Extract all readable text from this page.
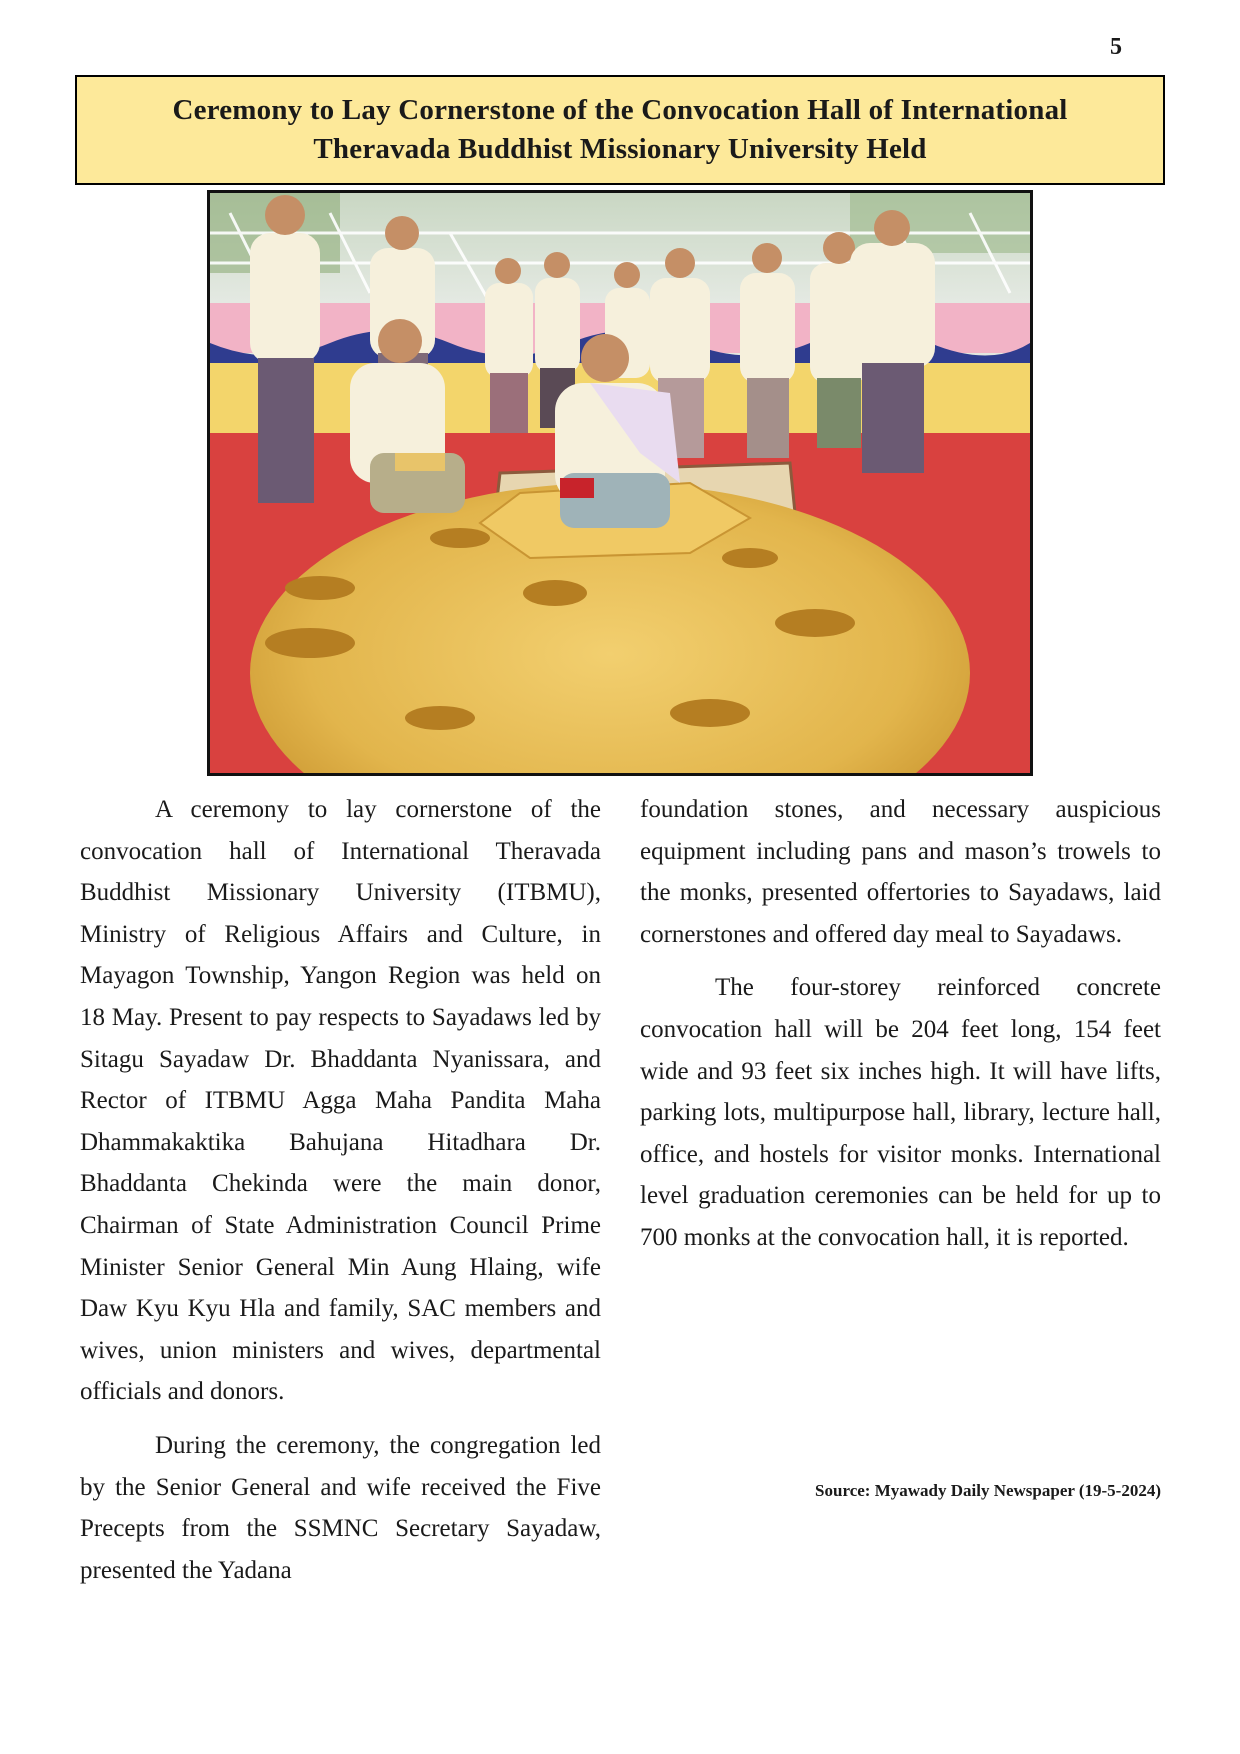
5
Ceremony to Lay Cornerstone of the Convocation Hall of International
Theravada Buddhist Missionary University Held

A ceremony to lay cornerstone of the convocation hall of International Theravada Buddhist Missionary University (ITBMU), Ministry of Religious Affairs and Culture, in Mayagon Township, Yangon Region was held on 18 May. Present to pay respects to Sayadaws led by Sitagu Sayadaw Dr. Bhaddanta Nyanissara, and Rector of ITBMU Agga Maha Pandita Maha Dhammakaktika Bahujana Hitadhara Dr. Bhaddanta Chekinda were the main donor, Chairman of State Administration Council Prime Minister Senior General Min Aung Hlaing, wife Daw Kyu Kyu Hla and family, SAC members and wives, union ministers and wives, departmental officials and donors.

During the ceremony, the congregation led by the Senior General and wife received the Five Precepts from the SSMNC Secretary Sayadaw, presented the Yadana

foundation stones, and necessary auspicious equipment including pans and mason’s trowels to the monks, presented offertories to Sayadaws, laid cornerstones and offered day meal to Sayadaws.

The four-storey reinforced concrete convocation hall will be 204 feet long, 154 feet wide and 93 feet six inches high. It will have lifts, parking lots, multipurpose hall, library, lecture hall, office, and hostels for visitor monks. International level graduation ceremonies can be held for up to 700 monks at the convocation hall, it is reported.

Source: Myawady Daily Newspaper (19-5-2024)
